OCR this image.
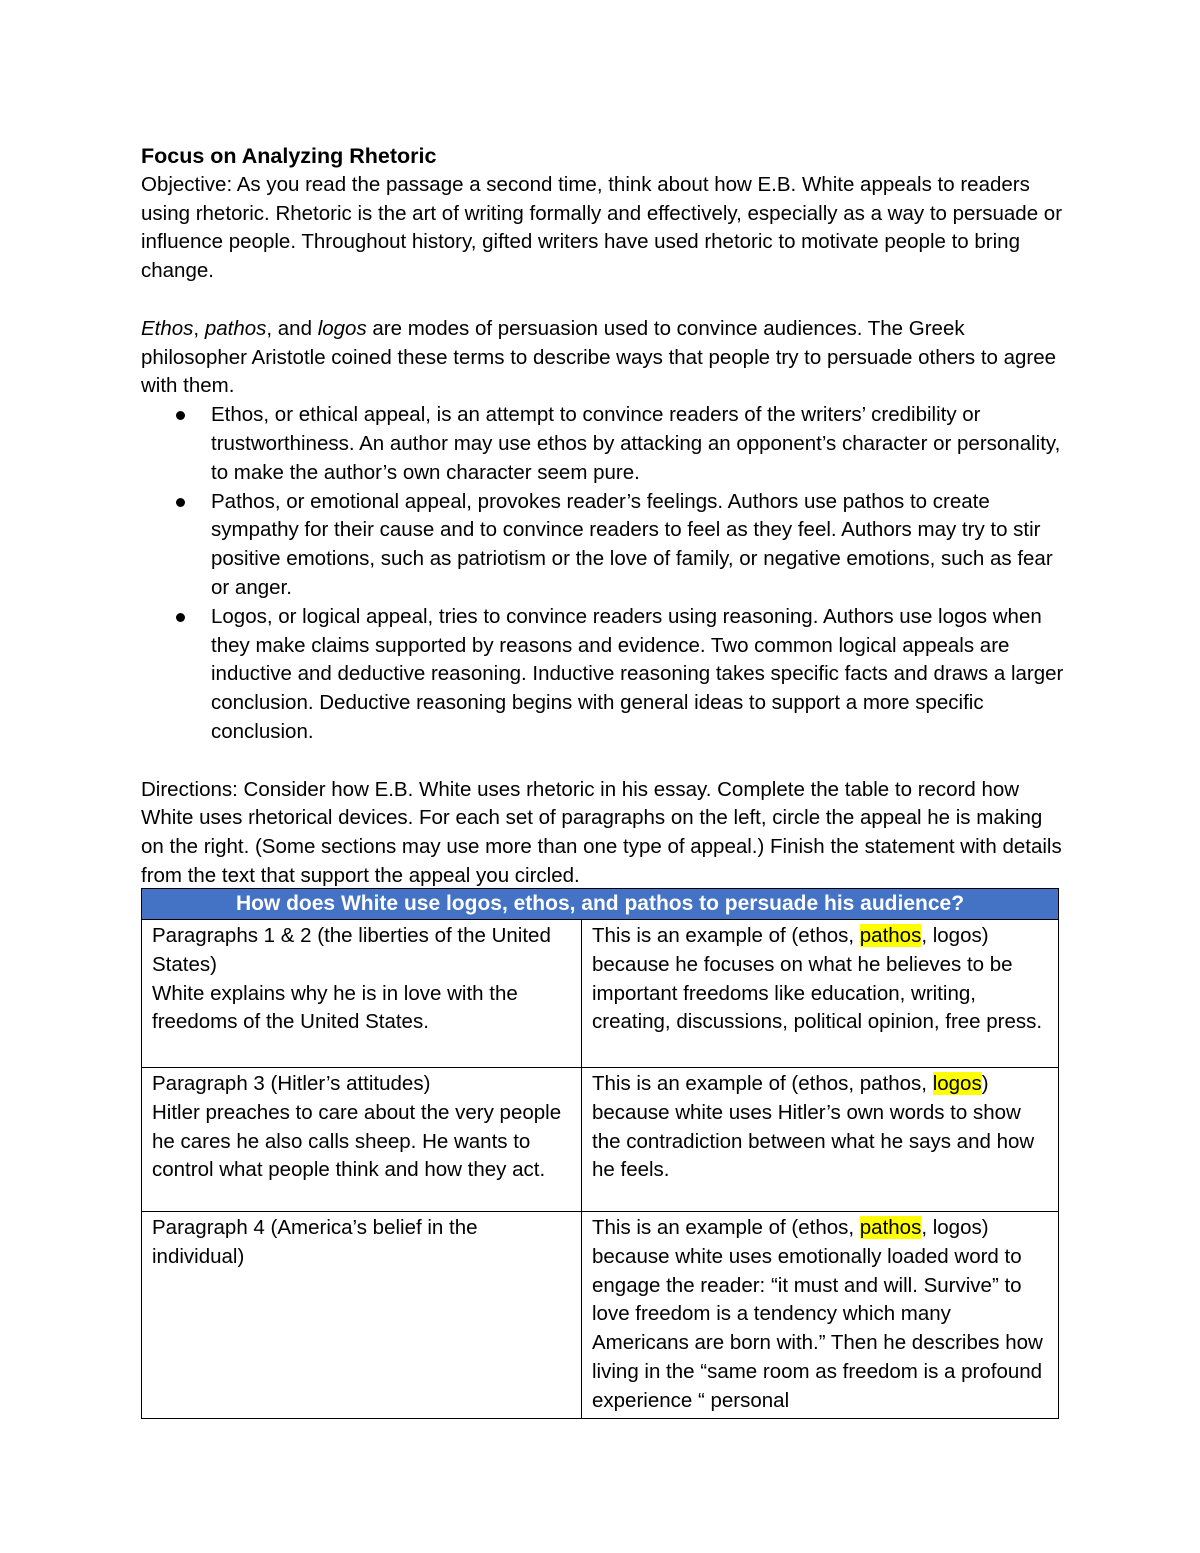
Focus on Analyzing Rhetoric

Objective: As you read the passage a second time, think about how E.B. White appeals to readers using rhetoric. Rhetoric is the art of writing formally and effectively, especially as a way to persuade or influence people. Throughout history, gifted writers have used rhetoric to motivate people to bring change.

Ethos, pathos, and logos are modes of persuasion used to convince audiences. The Greek philosopher Aristotle coined these terms to describe ways that people try to persuade others to agree with them.

Ethos, or ethical appeal, is an attempt to convince readers of the writers’ credibility or trustworthiness. An author may use ethos by attacking an opponent’s character or personality, to make the author’s own character seem pure.
Pathos, or emotional appeal, provokes reader’s feelings. Authors use pathos to create sympathy for their cause and to convince readers to feel as they feel. Authors may try to stir positive emotions, such as patriotism or the love of family, or negative emotions, such as fear or anger.
Logos, or logical appeal, tries to convince readers using reasoning. Authors use logos when they make claims supported by reasons and evidence. Two common logical appeals are inductive and deductive reasoning. Inductive reasoning takes specific facts and draws a larger conclusion. Deductive reasoning begins with general ideas to support a more specific conclusion.

Directions: Consider how E.B. White uses rhetoric in his essay. Complete the table to record how White uses rhetorical devices. For each set of paragraphs on the left, circle the appeal he is making on the right. (Some sections may use more than one type of appeal.) Finish the statement with details from the text that support the appeal you circled.

How does White use logos, ethos, and pathos to persuade his audience?	

Paragraphs 1 & 2 (the liberties of the United States)
White explains why he is in love with the freedoms of the United States.	This is an example of (ethos, pathos, logos) because he focuses on what he believes to be important freedoms like education, writing, creating, discussions, political opinion, free press.

Paragraph 3 (Hitler’s attitudes)
Hitler preaches to care about the very people he cares he also calls sheep. He wants to control what people think and how they act.	This is an example of (ethos, pathos, logos) because white uses Hitler’s own words to show the contradiction between what he says and how he feels.

Paragraph 4 (America’s belief in the individual)	This is an example of (ethos, pathos, logos) because white uses emotionally loaded word to engage the reader: “it must and will. Survive” to love freedom is a tendency which many Americans are born with.” Then he describes how living in the “same room as freedom is a profound experience “ personal
